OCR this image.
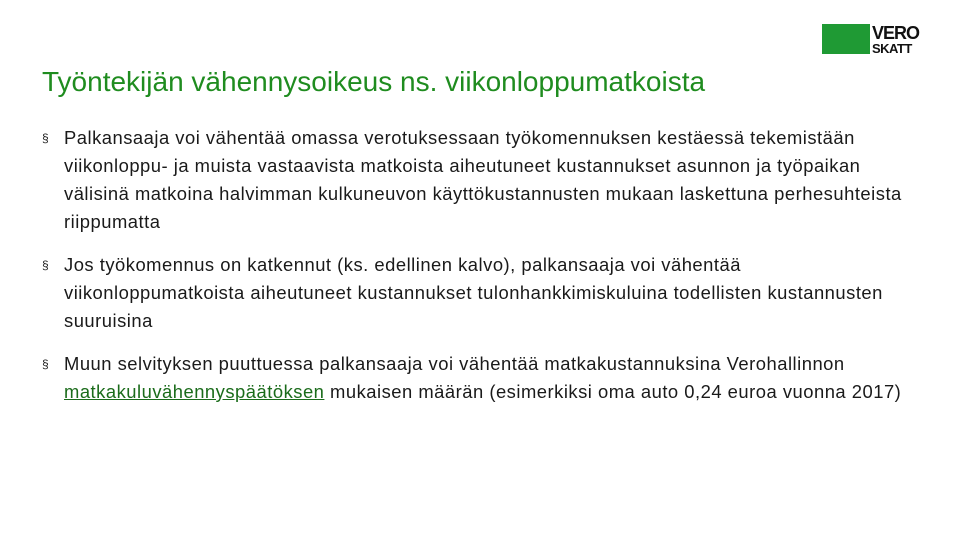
VERO
SKATT
Työntekijän vähennysoikeus ns. viikonloppumatkoista
§ Palkansaaja voi vähentää omassa verotuksessaan työkomennuksen kestäessä tekemistään viikonloppu- ja muista vastaavista matkoista aiheutuneet kustannukset asunnon ja työpaikan välisinä matkoina halvimman kulkuneuvon käyttökustannusten mukaan laskettuna perhesuhteista riippumatta
§ Jos työkomennus on katkennut (ks. edellinen kalvo), palkansaaja voi vähentää viikonloppumatkoista aiheutuneet kustannukset tulonhankkimiskuluina todellisten kustannusten suuruisina
§ Muun selvityksen puuttuessa palkansaaja voi vähentää matkakustannuksina Verohallinnon matkakuluvähennyspäätöksen mukaisen määrän (esimerkiksi oma auto 0,24 euroa vuonna 2017)
